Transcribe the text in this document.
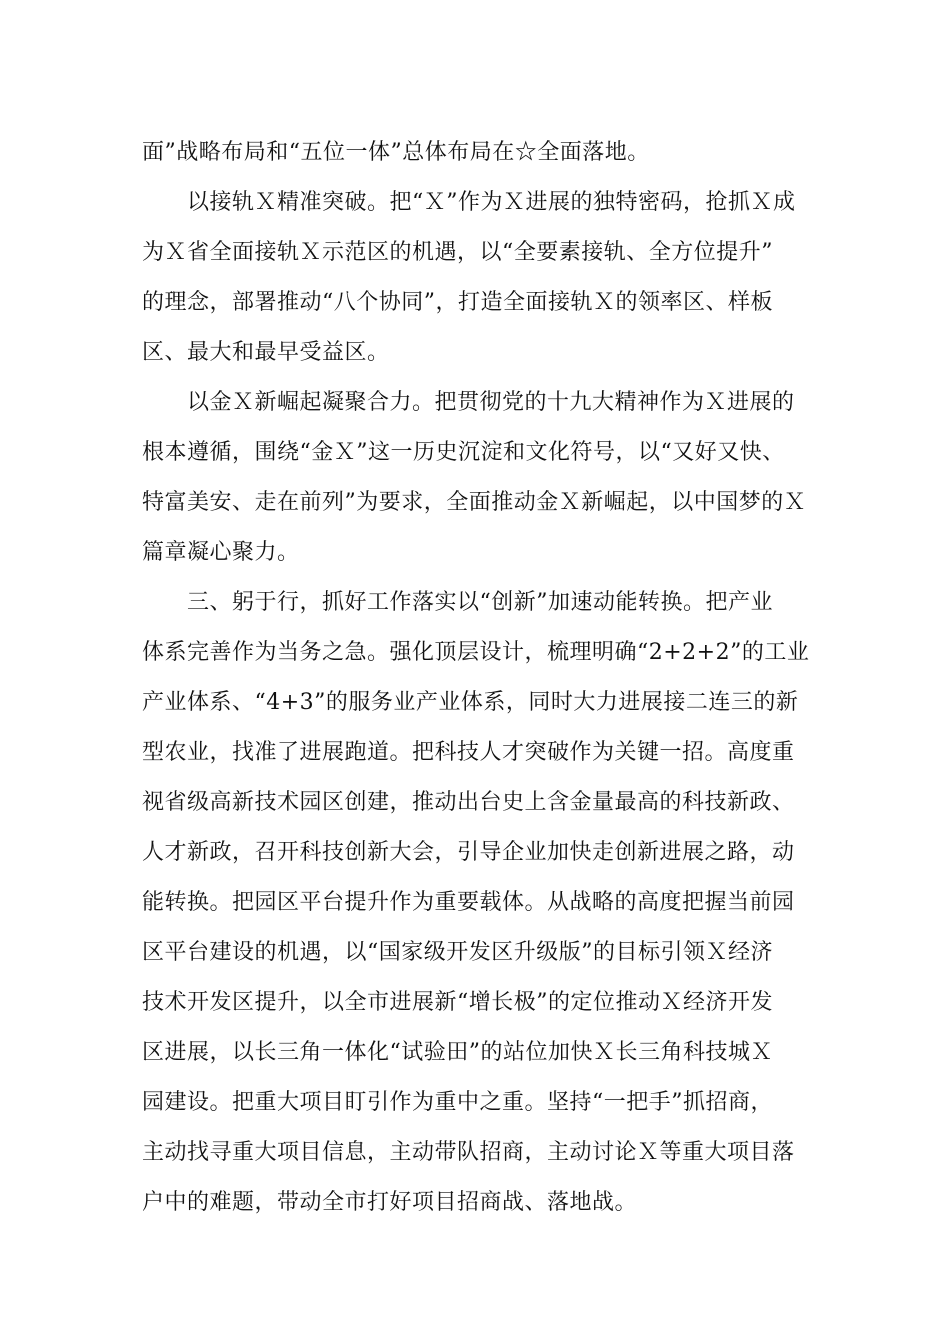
面”战略布局和“五位一体”总体布局在☆全面落地。
　　以接轨Ｘ精准突破。把“Ｘ”作为Ｘ进展的独特密码，抢抓Ｘ成
为Ｘ省全面接轨Ｘ示范区的机遇，以“全要素接轨、全方位提升”
的理念，部署推动“八个协同”，打造全面接轨Ｘ的领率区、样板
区、最大和最早受益区。
　　以金Ｘ新崛起凝聚合力。把贯彻党的十九大精神作为Ｘ进展的
根本遵循，围绕“金Ｘ”这一历史沉淀和文化符号，以“又好又快、
特富美安、走在前列”为要求，全面推动金Ｘ新崛起，以中国梦的Ｘ
篇章凝心聚力。
　　三、躬于行，抓好工作落实以“创新”加速动能转换。把产业
体系完善作为当务之急。强化顶层设计，梳理明确“2+2+2”的工业
产业体系、“4+3”的服务业产业体系，同时大力进展接二连三的新
型农业，找准了进展跑道。把科技人才突破作为关键一招。高度重
视省级高新技术园区创建，推动出台史上含金量最高的科技新政、
人才新政，召开科技创新大会，引导企业加快走创新进展之路，动
能转换。把园区平台提升作为重要载体。从战略的高度把握当前园
区平台建设的机遇，以“国家级开发区升级版”的目标引领Ｘ经济
技术开发区提升，以全市进展新“增长极”的定位推动Ｘ经济开发
区进展，以长三角一体化“试验田”的站位加快Ｘ长三角科技城Ｘ
园建设。把重大项目盯引作为重中之重。坚持“一把手”抓招商，
主动找寻重大项目信息，主动带队招商，主动讨论Ｘ等重大项目落
户中的难题，带动全市打好项目招商战、落地战。
